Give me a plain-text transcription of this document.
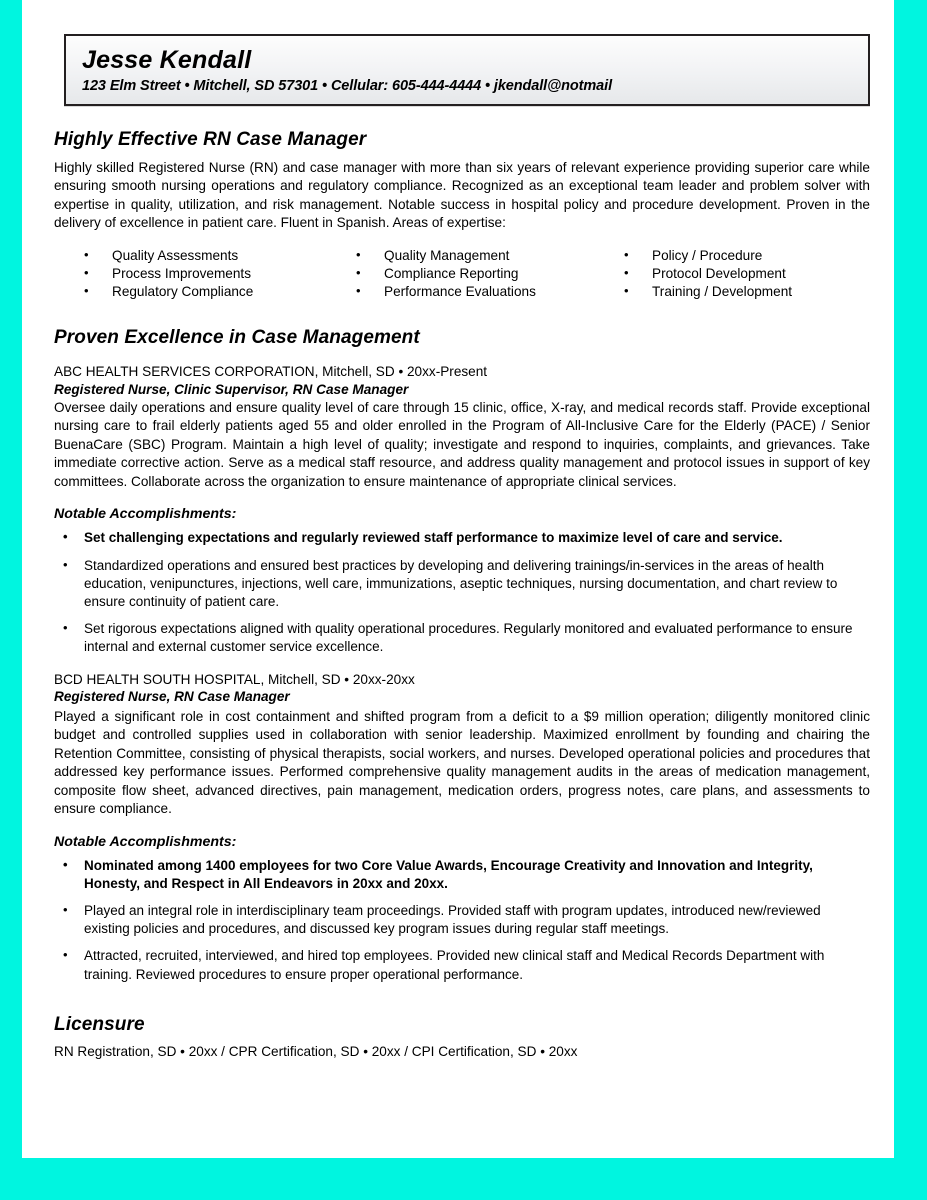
Jesse Kendall
123 Elm Street • Mitchell, SD 57301 • Cellular: 605-444-4444 • jkendall@notmail
Highly Effective RN Case Manager

Highly skilled Registered Nurse (RN) and case manager with more than six years of relevant experience providing superior care while ensuring smooth nursing operations and regulatory compliance. Recognized as an exceptional team leader and problem solver with expertise in quality, utilization, and risk management. Notable success in hospital policy and procedure development. Proven in the delivery of excellence in patient care. Fluent in Spanish. Areas of expertise:

• Quality Assessments
• Process Improvements
• Regulatory Compliance
• Quality Management
• Compliance Reporting
• Performance Evaluations
• Policy / Procedure
• Protocol Development
• Training / Development
Proven Excellence in Case Management
ABC HEALTH SERVICES CORPORATION, Mitchell, SD • 20xx-Present
Registered Nurse, Clinic Supervisor, RN Case Manager

Oversee daily operations and ensure quality level of care through 15 clinic, office, X-ray, and medical records staff. Provide exceptional nursing care to frail elderly patients aged 55 and older enrolled in the Program of All-Inclusive Care for the Elderly (PACE) / Senior BuenaCare (SBC) Program. Maintain a high level of quality; investigate and respond to inquiries, complaints, and grievances. Take immediate corrective action. Serve as a medical staff resource, and address quality management and protocol issues in support of key committees. Collaborate across the organization to ensure maintenance of appropriate clinical services.

Notable Accomplishments:
• Set challenging expectations and regularly reviewed staff performance to maximize level of care and service.
• Standardized operations and ensured best practices by developing and delivering trainings/in-services in the areas of health education, venipunctures, injections, well care, immunizations, aseptic techniques, nursing documentation, and chart review to ensure continuity of patient care.
• Set rigorous expectations aligned with quality operational procedures. Regularly monitored and evaluated performance to ensure internal and external customer service excellence.
BCD HEALTH SOUTH HOSPITAL, Mitchell, SD • 20xx-20xx
Registered Nurse, RN Case Manager

Played a significant role in cost containment and shifted program from a deficit to a $9 million operation; diligently monitored clinic budget and controlled supplies used in collaboration with senior leadership. Maximized enrollment by founding and chairing the Retention Committee, consisting of physical therapists, social workers, and nurses. Developed operational policies and procedures that addressed key performance issues. Performed comprehensive quality management audits in the areas of medication management, composite flow sheet, advanced directives, pain management, medication orders, progress notes, care plans, and assessments to ensure compliance.

Notable Accomplishments:
• Nominated among 1400 employees for two Core Value Awards, Encourage Creativity and Innovation and Integrity, Honesty, and Respect in All Endeavors in 20xx and 20xx.
• Played an integral role in interdisciplinary team proceedings. Provided staff with program updates, introduced new/reviewed existing policies and procedures, and discussed key program issues during regular staff meetings.
• Attracted, recruited, interviewed, and hired top employees. Provided new clinical staff and Medical Records Department with training. Reviewed procedures to ensure proper operational performance.
Licensure
RN Registration, SD • 20xx / CPR Certification, SD • 20xx / CPI Certification, SD • 20xx
